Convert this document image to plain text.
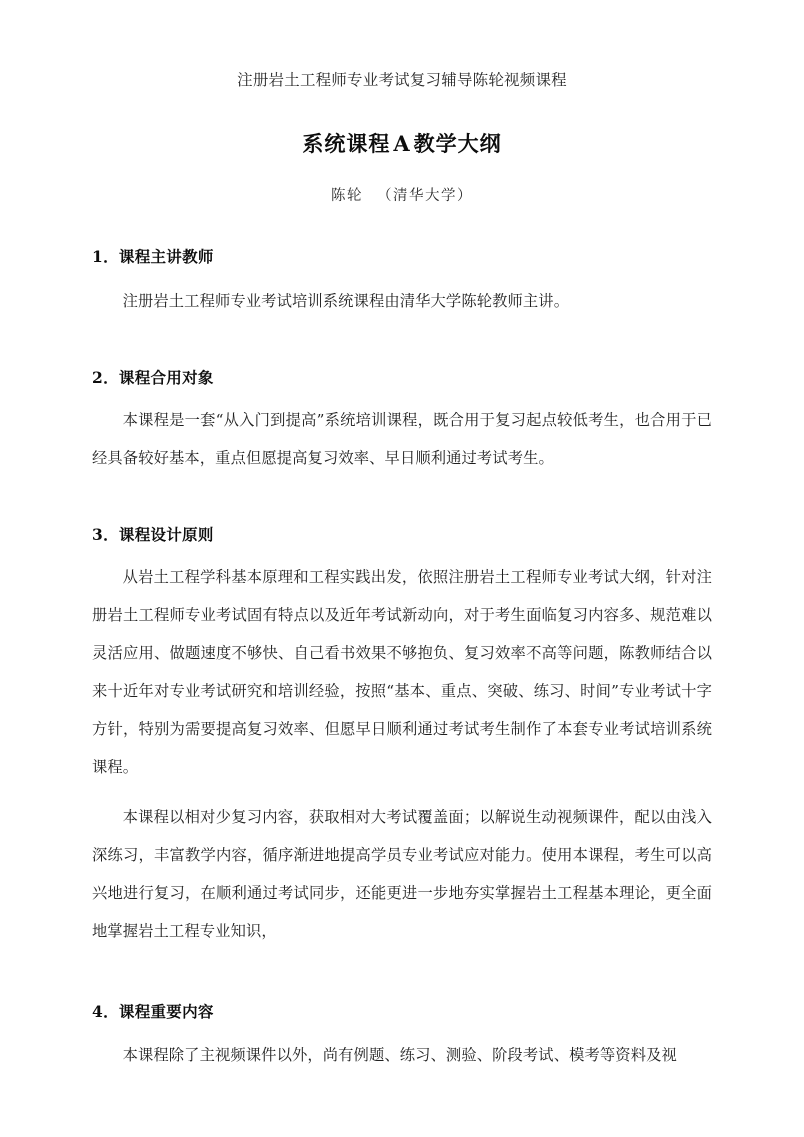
注册岩土工程师专业考试复习辅导陈轮视频课程
系统课程 A 教学大纲
陈轮 （清华大学）
1 ． 课程主讲教师

注册岩土工程师专业考试培训系统课程由清华大学陈轮教师主讲。

2 ． 课程合用对象

本课程是一套“从入门到提高”系统培训课程，既合用于复习起点较低考生，也合用于已经具备较好基本，重点但愿提高复习效率、早日顺利通过考试考生。

3 ． 课程设计原则

从岩土工程学科基本原理和工程实践出发，依照注册岩土工程师专业考试大纲，针对注册岩土工程师专业考试固有特点以及近年考试新动向，对于考生面临复习内容多、规范难以灵活应用、做题速度不够快、自己看书效果不够抱负、复习效率不高等问题，陈教师结合以来十近年对专业考试研究和培训经验，按照“基本、重点、突破、练习、时间”专业考试十字方针，特别为需要提高复习效率、但愿早日顺利通过考试考生制作了本套专业考试培训系统课程。

本课程以相对少复习内容，获取相对大考试覆盖面；以解说生动视频课件，配以由浅入深练习，丰富教学内容，循序渐进地提高学员专业考试应对能力。使用本课程，考生可以高兴地进行复习，在顺利通过考试同步，还能更进一步地夯实掌握岩土工程基本理论，更全面地掌握岩土工程专业知识，

4 ． 课程重要内容

本课程除了主视频课件以外，尚有例题、练习、测验、阶段考试、模考等资料及视
